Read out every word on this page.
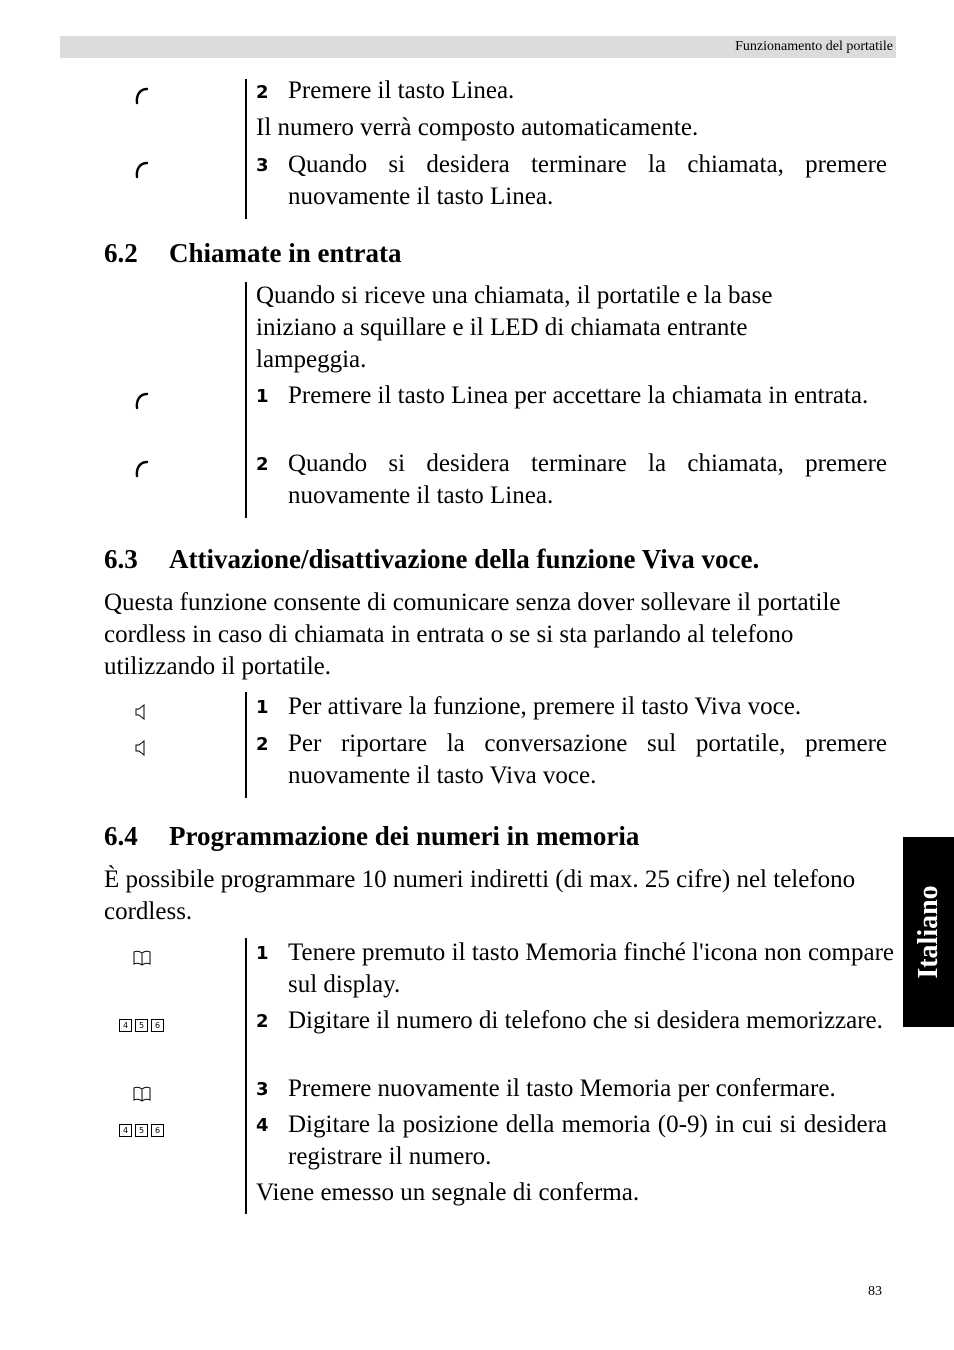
Funzionamento del portatile
Italiano
2 Premere il tasto Linea.
Il numero verrà composto automaticamente.
3 Quando si desidera terminare la chiamata, premere nuovamente il tasto Linea.
6.2 Chiamate in entrata
Quando si riceve una chiamata, il portatile e la base iniziano a squillare e il LED di chiamata entrante lampeggia.
1 Premere il tasto Linea per accettare la chiamata in entrata.
2 Quando si desidera terminare la chiamata, premere nuovamente il tasto Linea.
6.3 Attivazione/disattivazione della funzione Viva voce.
Questa funzione consente di comunicare senza dover sollevare il portatile cordless in caso di chiamata in entrata o se si sta parlando al telefono utilizzando il portatile.
1 Per attivare la funzione, premere il tasto Viva voce.
2 Per riportare la conversazione sul portatile, premere nuovamente il tasto Viva voce.
6.4 Programmazione dei numeri in memoria
È possibile programmare 10 numeri indiretti (di max. 25 cifre) nel telefono cordless.
1 Tenere premuto il tasto Memoria finché l'icona non compare sul display.
4	5	6	2 Digitare il numero di telefono che si desidera memorizzare.
3 Premere nuovamente il tasto Memoria per confermare.
4	5	6	4 Digitare la posizione della memoria (0-9) in cui si desidera registrare il numero.
Viene emesso un segnale di conferma.
83
